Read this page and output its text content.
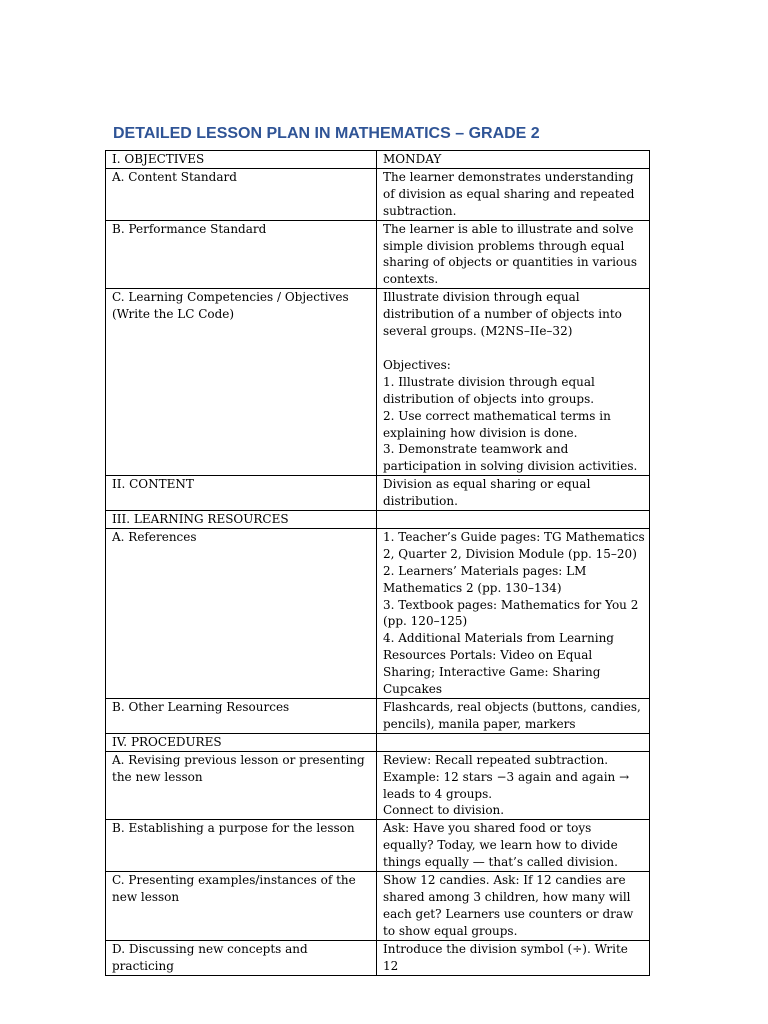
DETAILED LESSON PLAN IN MATHEMATICS – GRADE 2
I. OBJECTIVES	MONDAY
A. Content Standard	The learner demonstrates understanding of division as equal sharing and repeated subtraction.
B. Performance Standard	The learner is able to illustrate and solve simple division problems through equal sharing of objects or quantities in various contexts.
C. Learning Competencies / Objectives
(Write the LC Code)	Illustrate division through equal distribution of a number of objects into several groups. (M2NS–IIe–32)

Objectives:
1. Illustrate division through equal distribution of objects into groups.
2. Use correct mathematical terms in explaining how division is done.
3. Demonstrate teamwork and participation in solving division activities.
II. CONTENT	Division as equal sharing or equal distribution.
III. LEARNING RESOURCES	
A. References	1. Teacher’s Guide pages: TG Mathematics 2, Quarter 2, Division Module (pp. 15–20)
2. Learners’ Materials pages: LM Mathematics 2 (pp. 130–134)
3. Textbook pages: Mathematics for You 2 (pp. 120–125)
4. Additional Materials from Learning Resources Portals: Video on Equal Sharing; Interactive Game: Sharing Cupcakes
B. Other Learning Resources	Flashcards, real objects (buttons, candies, pencils), manila paper, markers
IV. PROCEDURES	
A. Revising previous lesson or presenting the new lesson	Review: Recall repeated subtraction. Example: 12 stars −3 again and again → leads to 4 groups.
Connect to division.
B. Establishing a purpose for the lesson	Ask: Have you shared food or toys equally? Today, we learn how to divide things equally — that’s called division.
C. Presenting examples/instances of the new lesson	Show 12 candies. Ask: If 12 candies are shared among 3 children, how many will each get? Learners use counters or draw to show equal groups.
D. Discussing new concepts and practicing	Introduce the division symbol (÷). Write 12
